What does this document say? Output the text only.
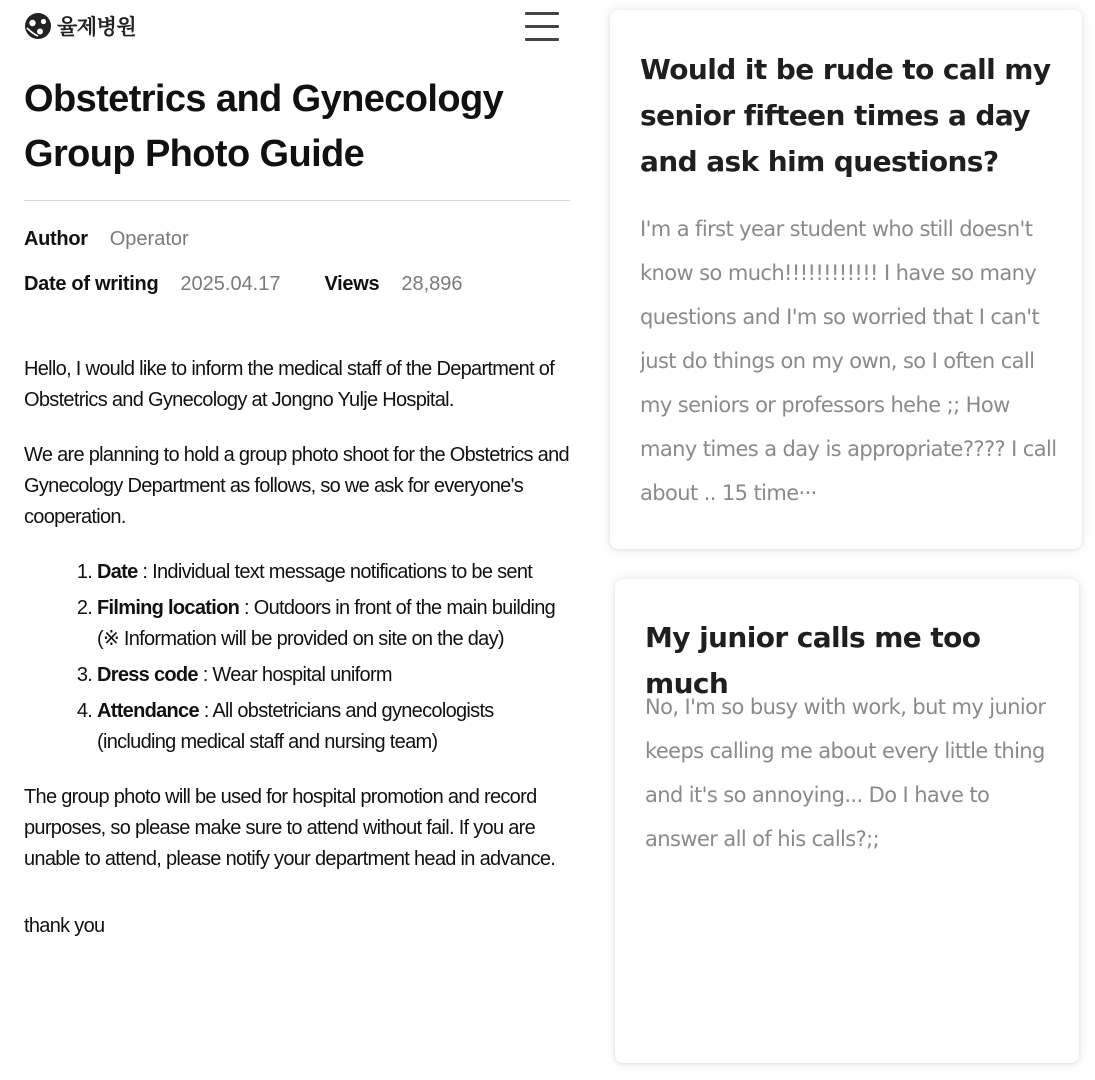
율제병원
Obstetrics and Gynecology Group Photo Guide
Author Operator
Date of writing 2025.04.17 Views 28,896

Hello, I would like to inform the medical staff of the Department of Obstetrics and Gynecology at Jongno Yulje Hospital.

We are planning to hold a group photo shoot for the Obstetrics and Gynecology Department as follows, so we ask for everyone's cooperation.

1. Date : Individual text message notifications to be sent
2. Filming location : Outdoors in front of the main building (※ Information will be provided on site on the day)
3. Dress code : Wear hospital uniform
4. Attendance : All obstetricians and gynecologists (including medical staff and nursing team)

The group photo will be used for hospital promotion and record purposes, so please make sure to attend without fail. If you are unable to attend, please notify your department head in advance.

thank you

Would it be rude to call my senior fifteen times a day and ask him questions?

I'm a first year student who still doesn't know so much!!!!!!!!!!!! I have so many questions and I'm so worried that I can't just do things on my own, so I often call my seniors or professors hehe ;; How many times a day is appropriate???? I call about .. 15 time···

My junior calls me too much

No, I'm so busy with work, but my junior keeps calling me about every little thing and it's so annoying... Do I have to answer all of his calls?;;
